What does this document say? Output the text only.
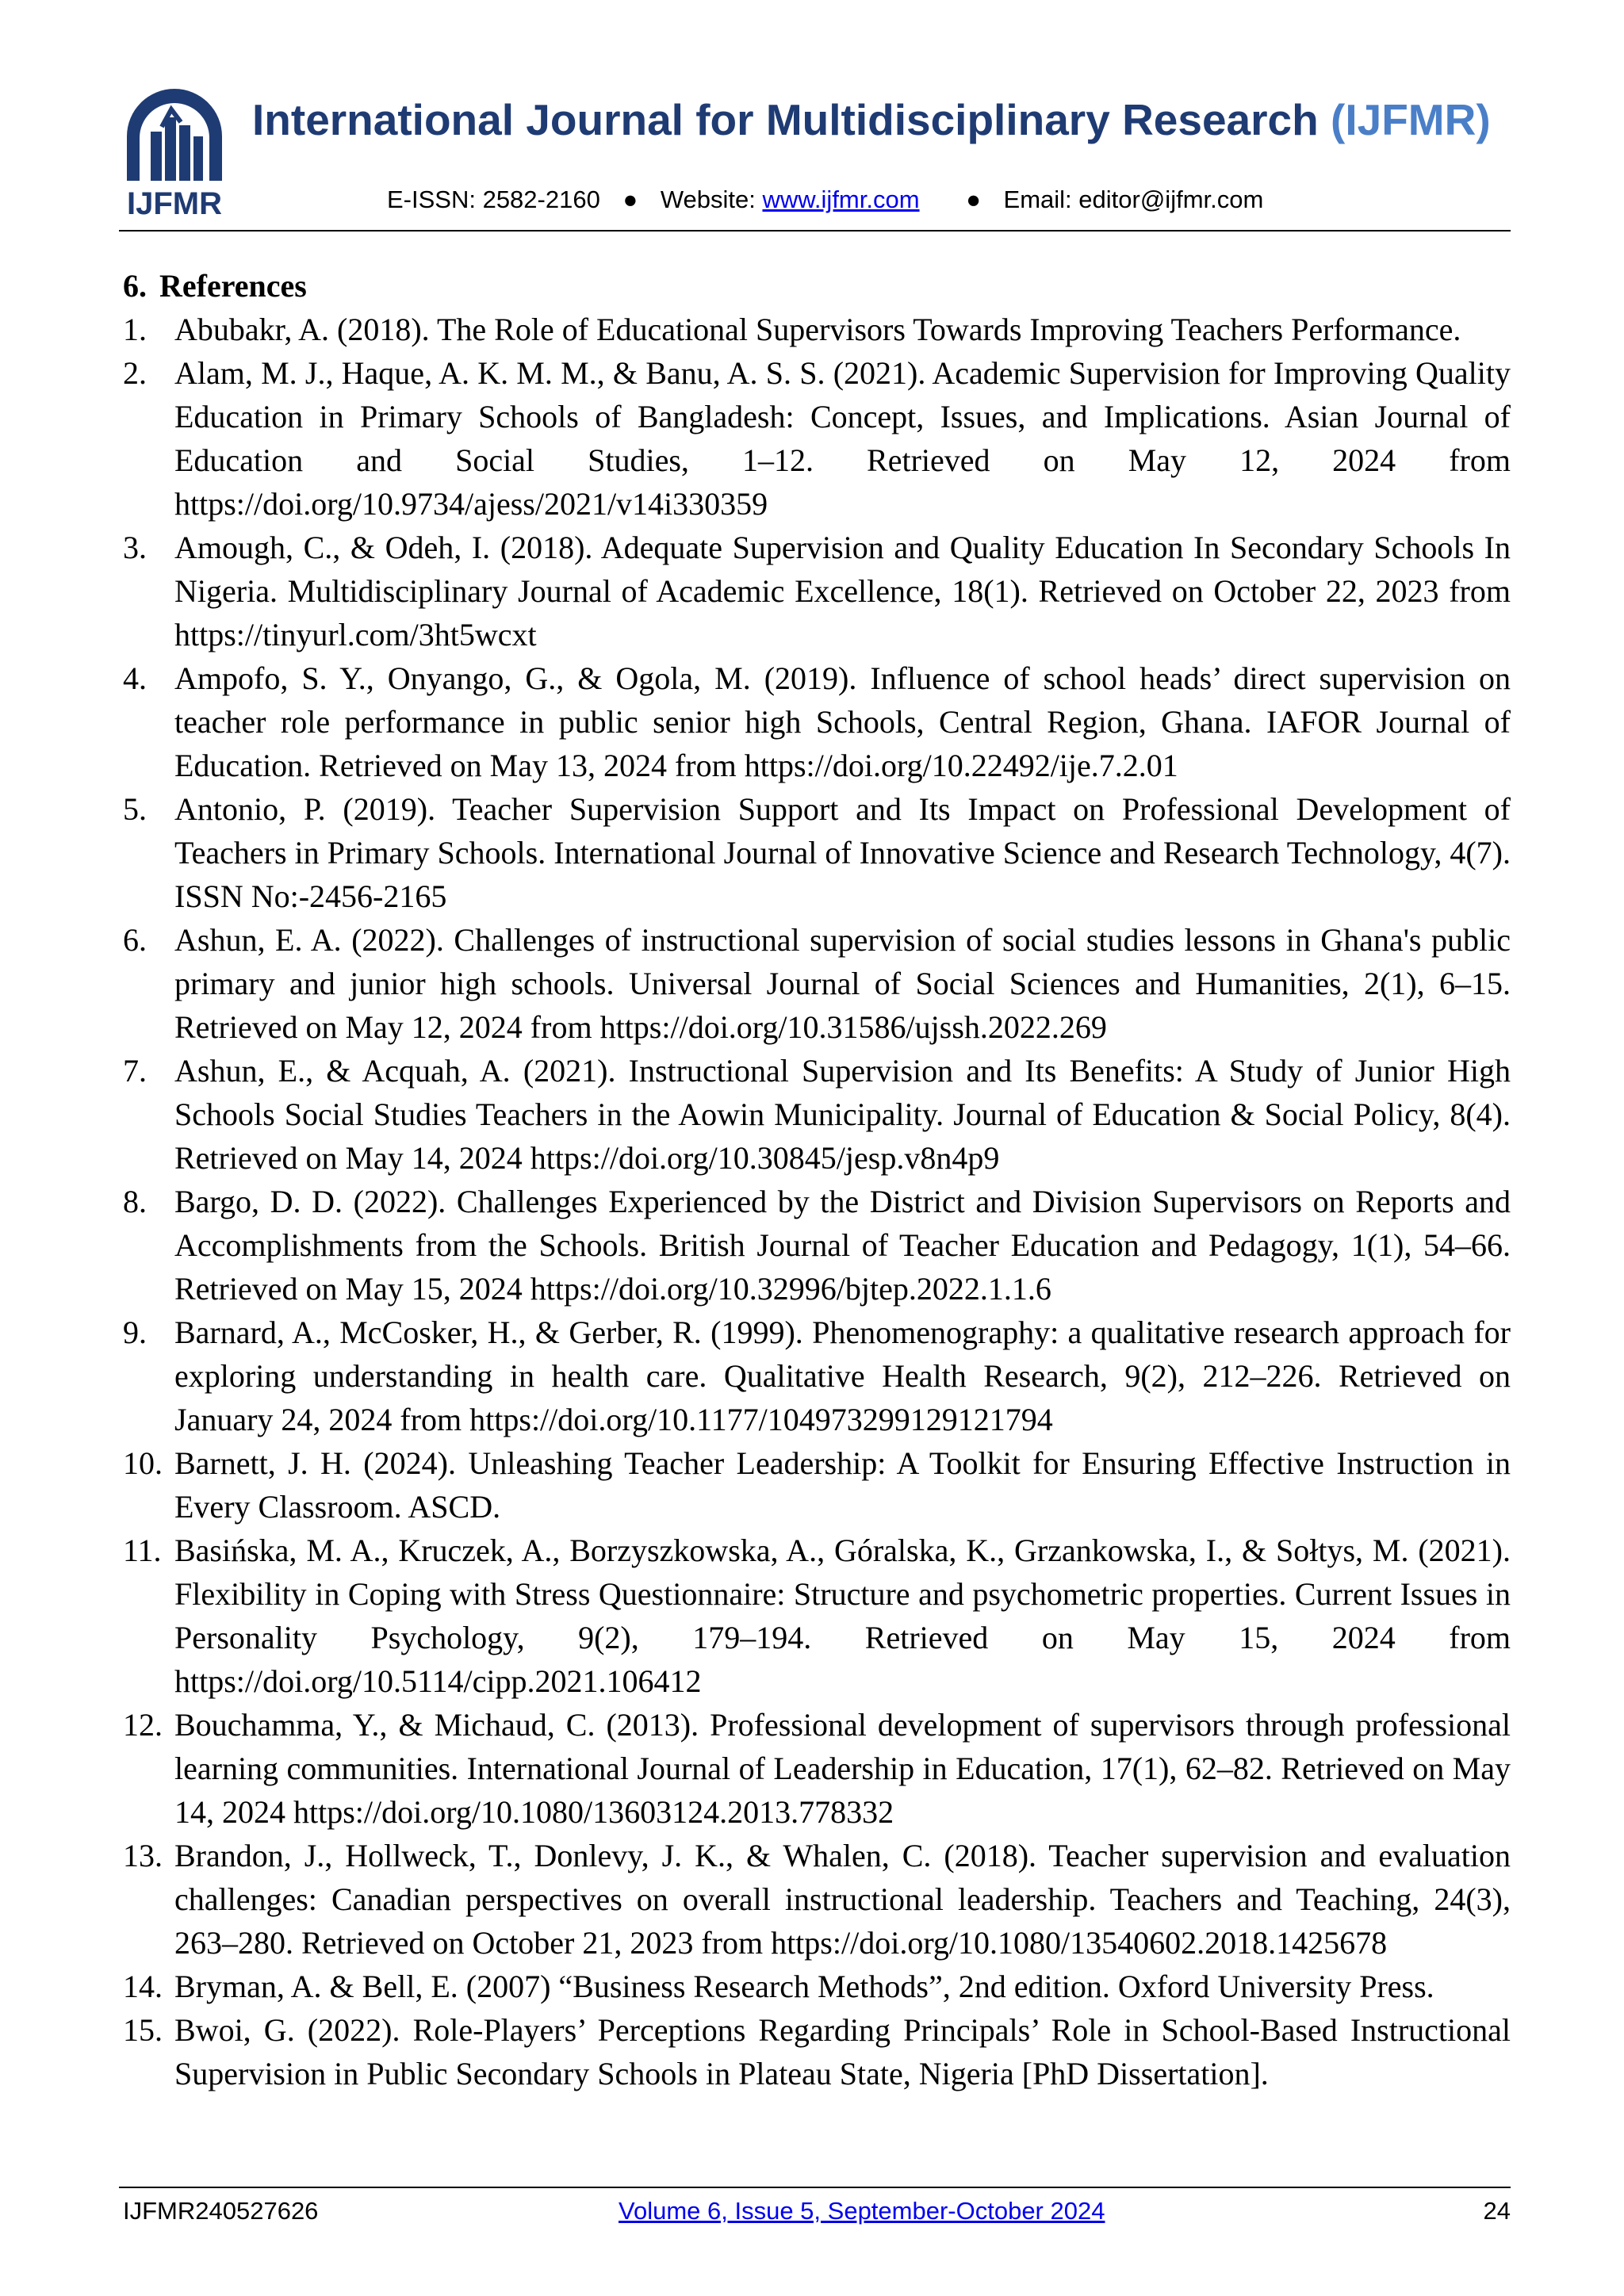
IJFMR
International Journal for Multidisciplinary Research (IJFMR)
E-ISSN: 2582-2160 ● Website: www.ijfmr.com ● Email: editor@ijfmr.com

6. References

1. Abubakr, A. (2018). The Role of Educational Supervisors Towards Improving Teachers Performance.
2. Alam, M. J., Haque, A. K. M. M., & Banu, A. S. S. (2021). Academic Supervision for Improving Quality Education in Primary Schools of Bangladesh: Concept, Issues, and Implications. Asian Journal of Education and Social Studies, 1–12. Retrieved on May 12, 2024 from https://doi.org/10.9734/ajess/2021/v14i330359
3. Amough, C., & Odeh, I. (2018). Adequate Supervision and Quality Education In Secondary Schools In Nigeria. Multidisciplinary Journal of Academic Excellence, 18(1). Retrieved on October 22, 2023 from https://tinyurl.com/3ht5wcxt
4. Ampofo, S. Y., Onyango, G., & Ogola, M. (2019). Influence of school heads’ direct supervision on teacher role performance in public senior high Schools, Central Region, Ghana. IAFOR Journal of Education. Retrieved on May 13, 2024 from https://doi.org/10.22492/ije.7.2.01
5. Antonio, P. (2019). Teacher Supervision Support and Its Impact on Professional Development of Teachers in Primary Schools. International Journal of Innovative Science and Research Technology, 4(7). ISSN No:-2456-2165
6. Ashun, E. A. (2022). Challenges of instructional supervision of social studies lessons in Ghana's public primary and junior high schools. Universal Journal of Social Sciences and Humanities, 2(1), 6–15. Retrieved on May 12, 2024 from https://doi.org/10.31586/ujssh.2022.269
7. Ashun, E., & Acquah, A. (2021). Instructional Supervision and Its Benefits: A Study of Junior High Schools Social Studies Teachers in the Aowin Municipality. Journal of Education & Social Policy, 8(4). Retrieved on May 14, 2024 https://doi.org/10.30845/jesp.v8n4p9
8. Bargo, D. D. (2022). Challenges Experienced by the District and Division Supervisors on Reports and Accomplishments from the Schools. British Journal of Teacher Education and Pedagogy, 1(1), 54–66. Retrieved on May 15, 2024 https://doi.org/10.32996/bjtep.2022.1.1.6
9. Barnard, A., McCosker, H., & Gerber, R. (1999). Phenomenography: a qualitative research approach for exploring understanding in health care. Qualitative Health Research, 9(2), 212–226. Retrieved on January 24, 2024 from https://doi.org/10.1177/104973299129121794
10. Barnett, J. H. (2024). Unleashing Teacher Leadership: A Toolkit for Ensuring Effective Instruction in Every Classroom. ASCD.
11. Basińska, M. A., Kruczek, A., Borzyszkowska, A., Góralska, K., Grzankowska, I., & Sołtys, M. (2021). Flexibility in Coping with Stress Questionnaire: Structure and psychometric properties. Current Issues in Personality Psychology, 9(2), 179–194. Retrieved on May 15, 2024 from https://doi.org/10.5114/cipp.2021.106412
12. Bouchamma, Y., & Michaud, C. (2013). Professional development of supervisors through professional learning communities. International Journal of Leadership in Education, 17(1), 62–82. Retrieved on May 14, 2024 https://doi.org/10.1080/13603124.2013.778332
13. Brandon, J., Hollweck, T., Donlevy, J. K., & Whalen, C. (2018). Teacher supervision and evaluation challenges: Canadian perspectives on overall instructional leadership. Teachers and Teaching, 24(3), 263–280. Retrieved on October 21, 2023 from https://doi.org/10.1080/13540602.2018.1425678
14. Bryman, A. & Bell, E. (2007) “Business Research Methods”, 2nd edition. Oxford University Press.
15. Bwoi, G. (2022). Role-Players’ Perceptions Regarding Principals’ Role in School-Based Instructional Supervision in Public Secondary Schools in Plateau State, Nigeria [PhD Dissertation].
IJFMR240527626	Volume 6, Issue 5, September-October 2024	24
